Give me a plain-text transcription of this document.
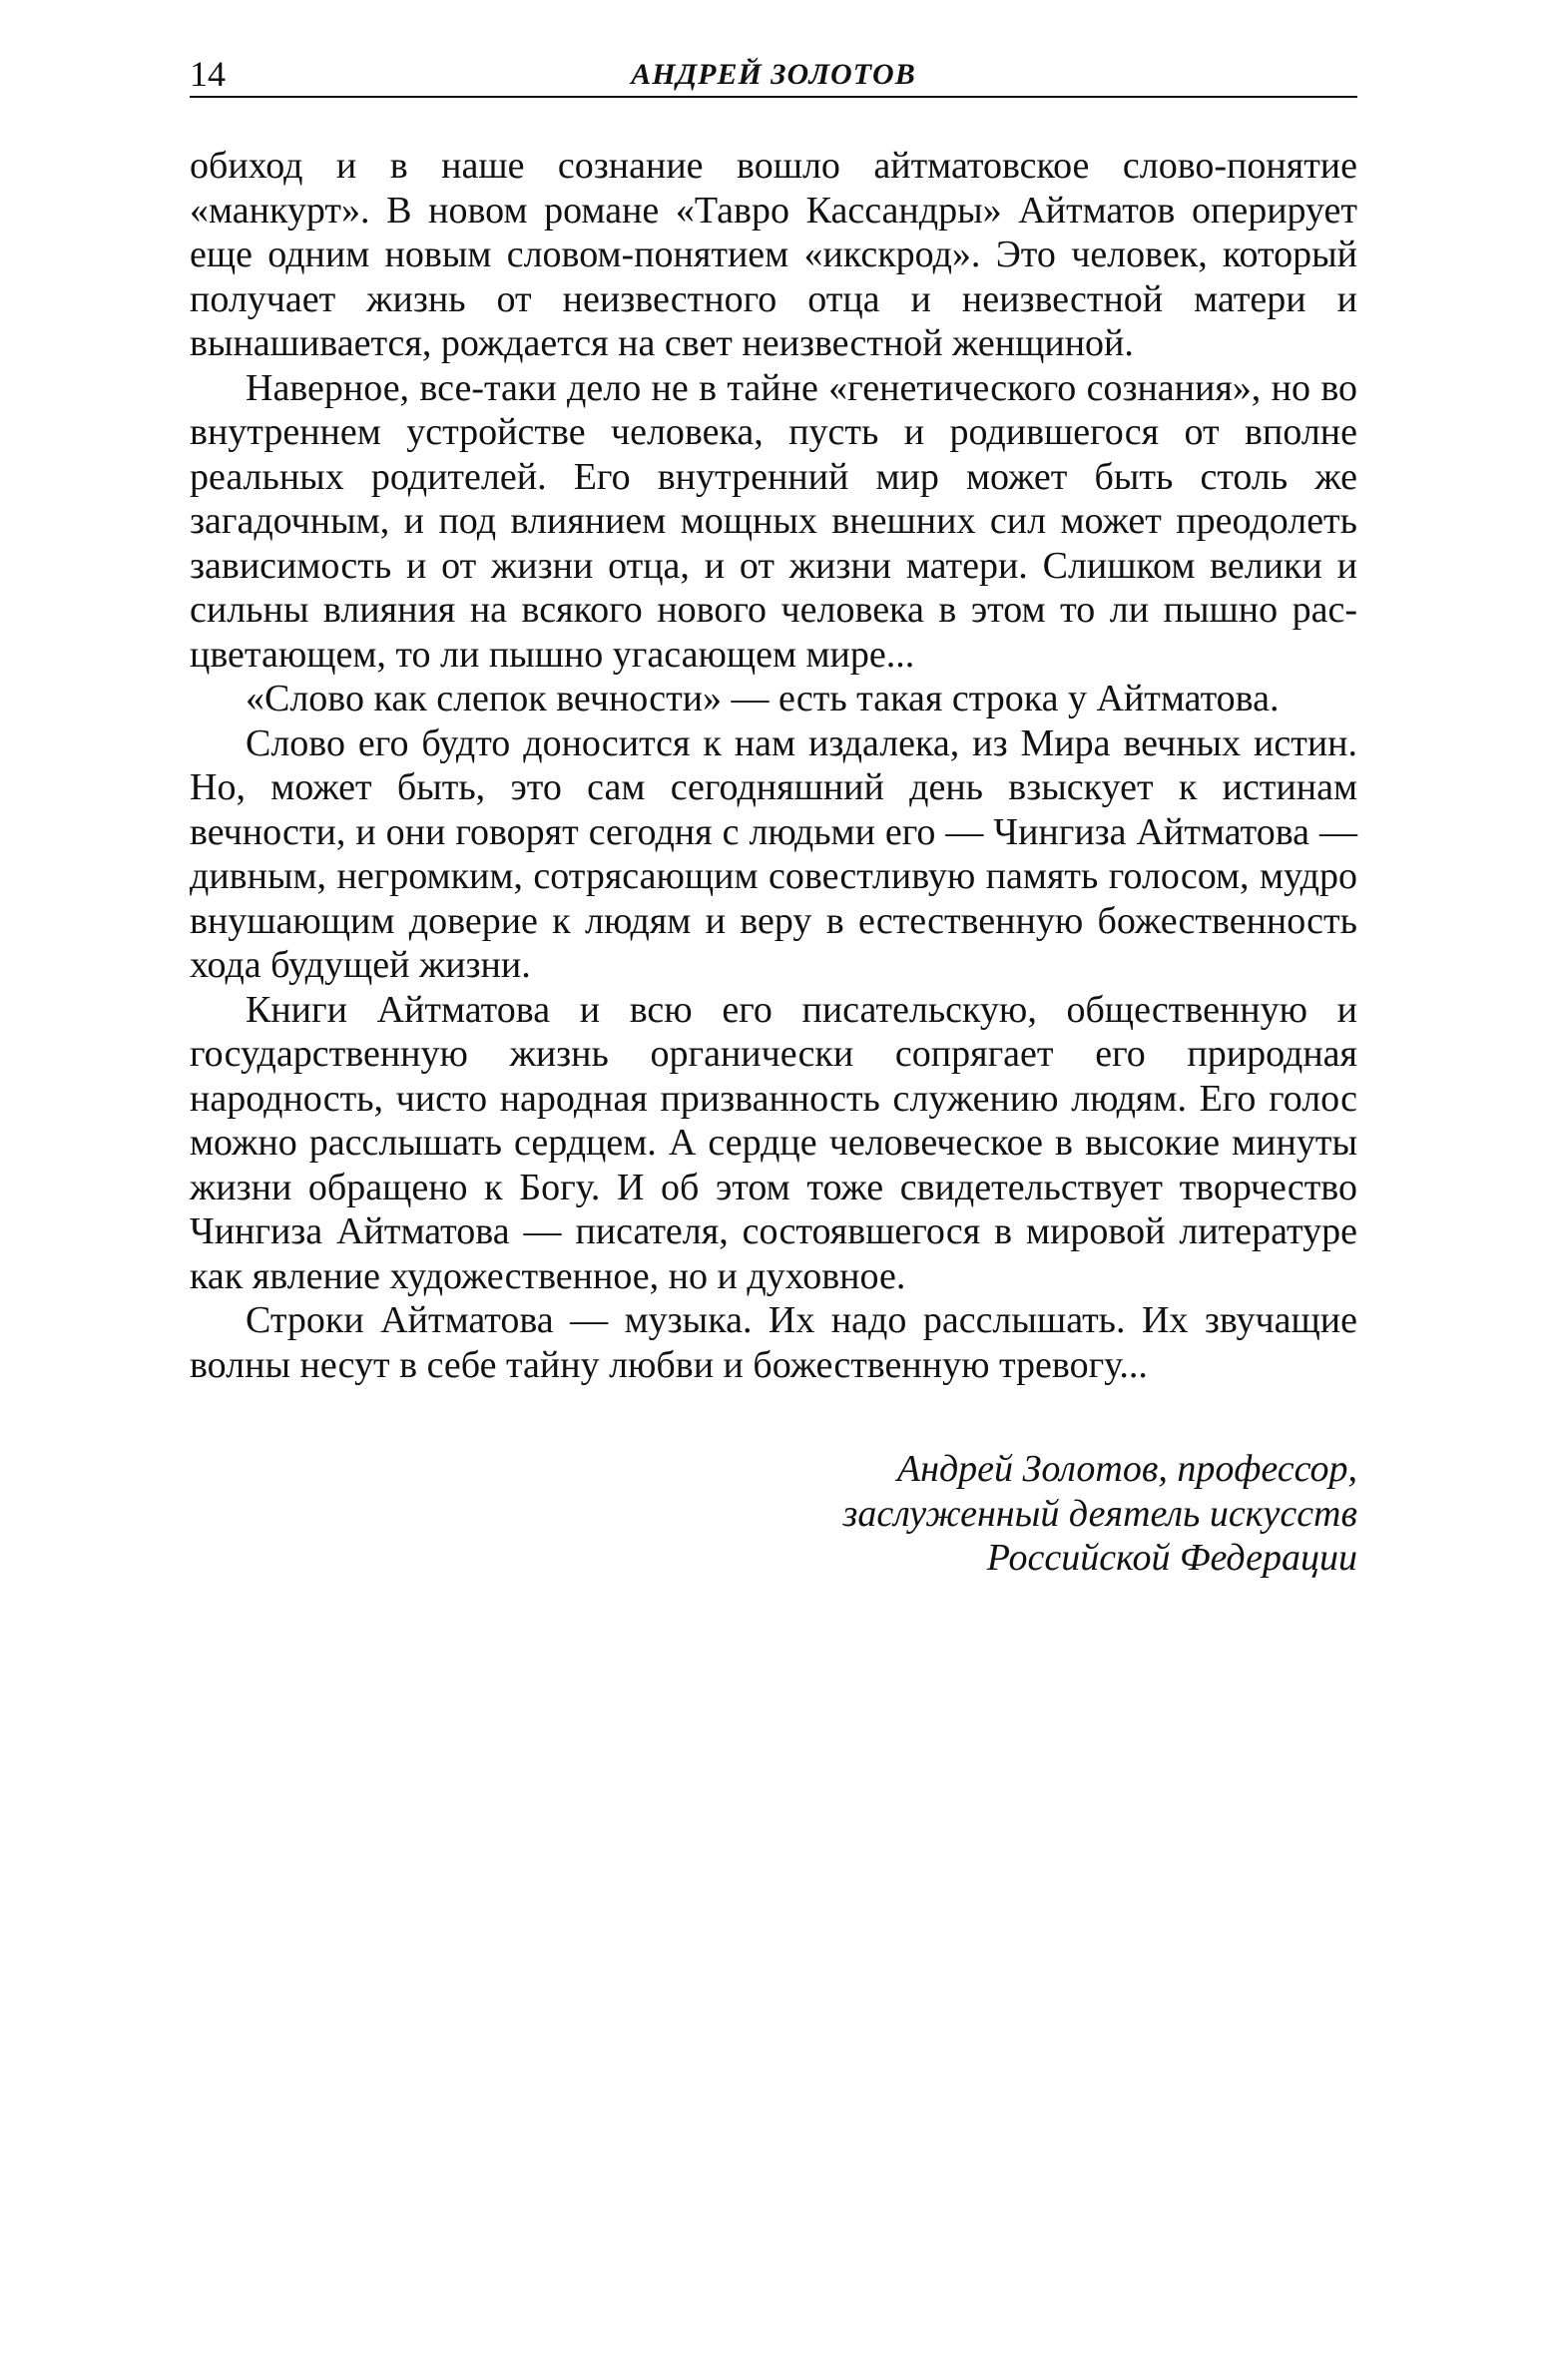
14	АНДРЕЙ ЗОЛОТОВ

обиход и в наше сознание вошло айтматовское слово-понятие «манкурт». В новом романе «Тавро Кассандры» Айтматов оперирует еще одним новым словом-понятием «икскрод». Это человек, который получает жизнь от неизвестного отца и неизвестной матери и вынашивается, рождается на свет неизвестной женщиной.

Наверное, все-таки дело не в тайне «генетического сознания», но во внутреннем устройстве человека, пусть и родившегося от вполне реальных родителей. Его внутренний мир может быть столь же загадочным, и под влиянием мощных внешних сил может преодолеть зависимость и от жизни отца, и от жизни матери. Слишком велики и сильны влияния на всякого нового человека в этом то ли пышно расцветающем, то ли пышно угасающем мире...

«Слово как слепок вечности» — есть такая строка у Айтматова.

Слово его будто доносится к нам издалека, из Мира вечных истин. Но, может быть, это сам сегодняшний день взыскует к истинам вечности, и они говорят сегодня с людьми его — Чингиза Айтматова — дивным, негромким, сотрясающим совестливую память голосом, мудро внушающим доверие к людям и веру в естественную божественность хода будущей жизни.

Книги Айтматова и всю его писательскую, общественную и государственную жизнь органически сопрягает его природная народность, чисто народная призванность служению людям. Его голос можно расслышать сердцем. А сердце человеческое в высокие минуты жизни обращено к Богу. И об этом тоже свидетельствует творчество Чингиза Айтматова — писателя, состоявшегося в мировой литературе как явление художественное, но и духовное.

Строки Айтматова — музыка. Их надо расслышать. Их звучащие волны несут в себе тайну любви и божественную тревогу...

Андрей Золотов, профессор,
заслуженный деятель искусств
Российской Федерации
